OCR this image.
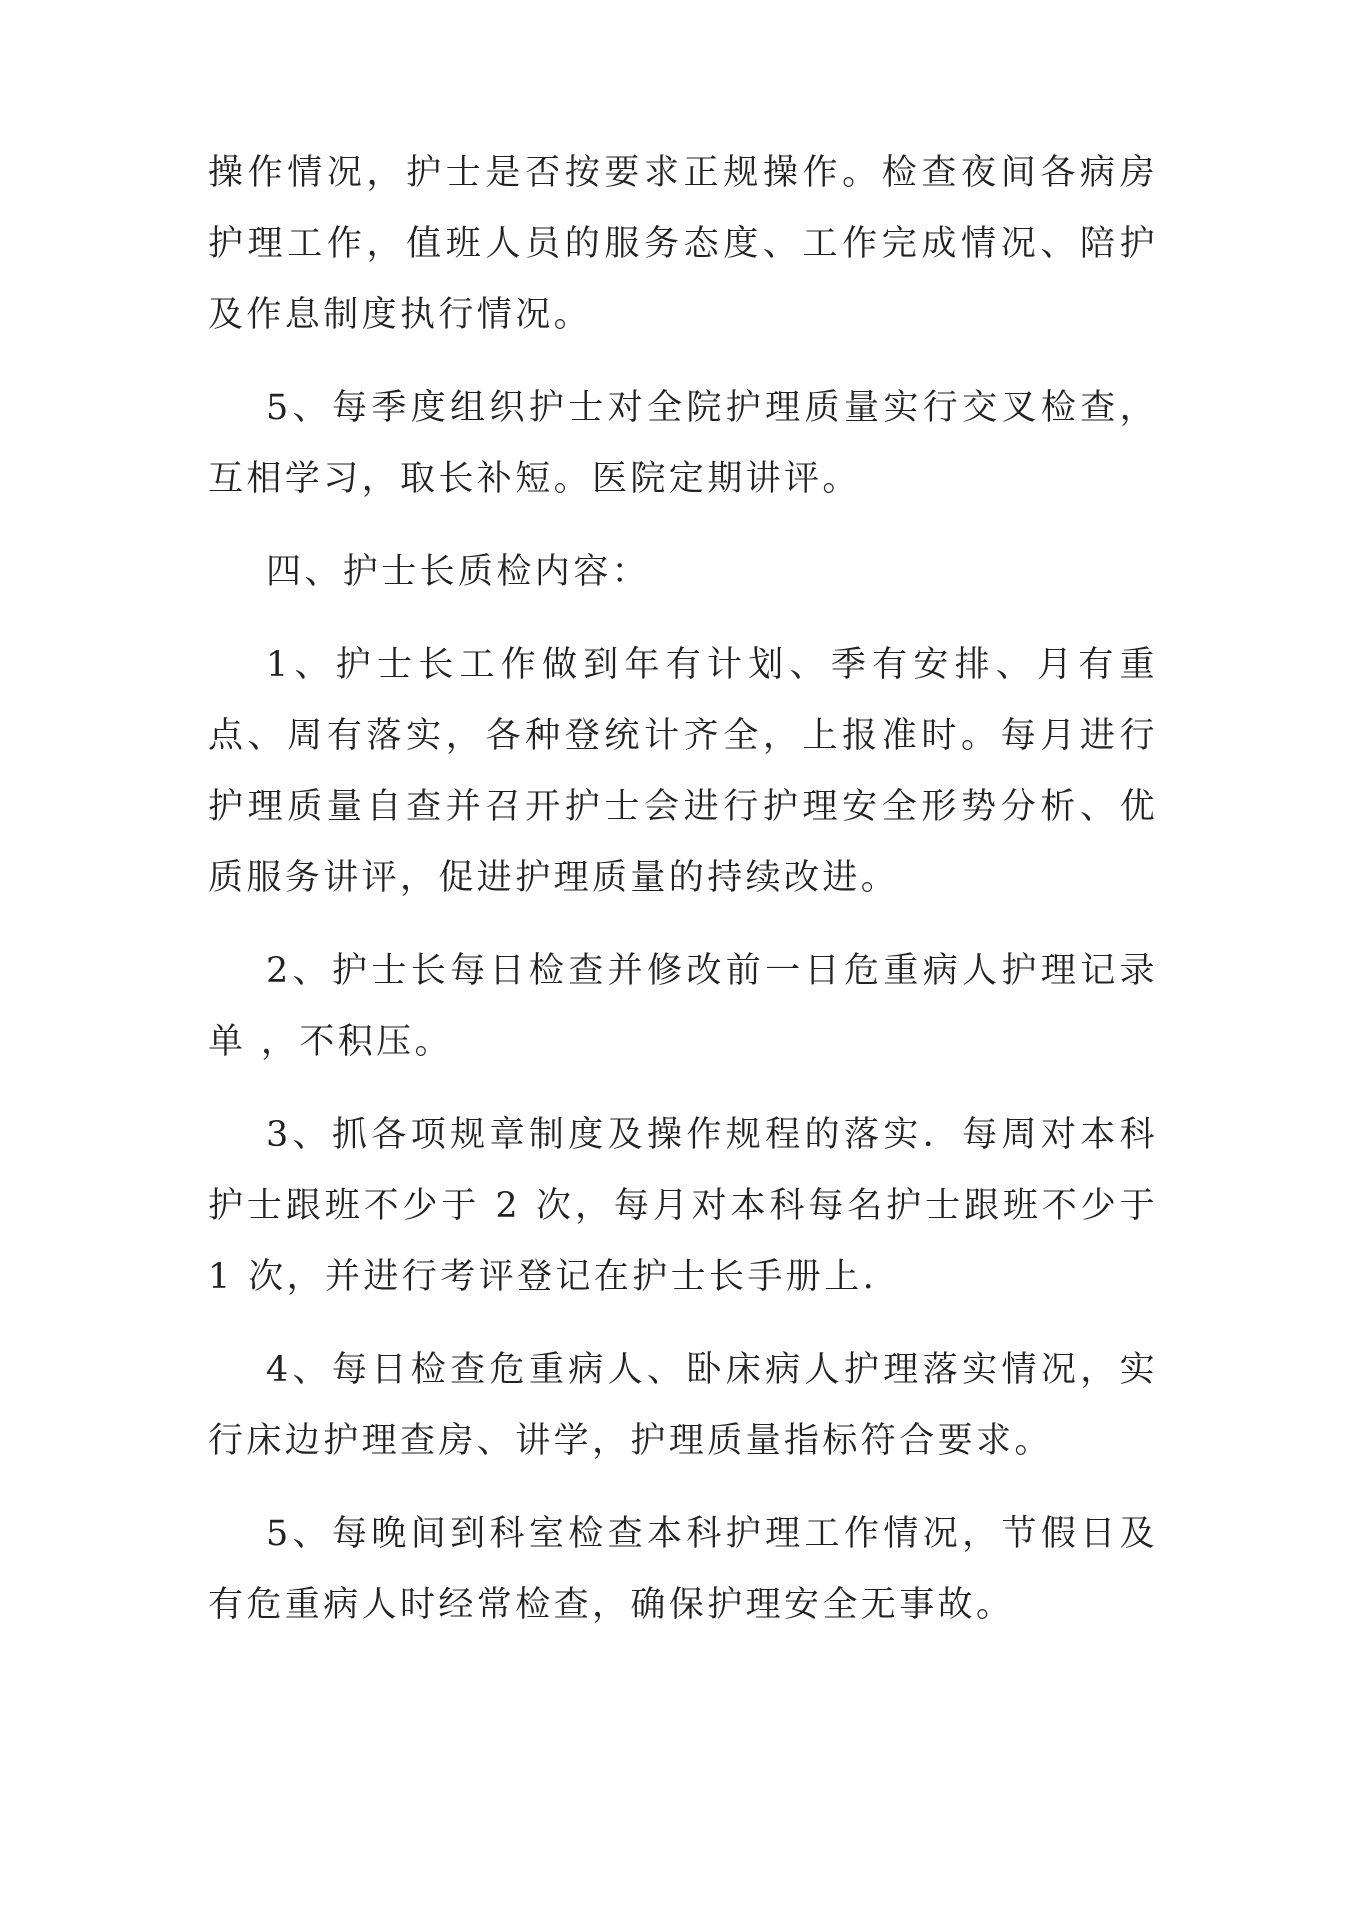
操作情况，护士是否按要求正规操作。检查夜间各病房护理工作，值班人员的服务态度、工作完成情况、陪护及作息制度执行情况。

5、每季度组织护士对全院护理质量实行交叉检查，互相学习，取长补短。医院定期讲评。

四、护士长质检内容：

1、护士长工作做到年有计划、季有安排、月有重点、周有落实，各种登统计齐全，上报准时。每月进行护理质量自查并召开护士会进行护理安全形势分析、优质服务讲评，促进护理质量的持续改进。

2、护士长每日检查并修改前一日危重病人护理记录单 ，不积压。

3、抓各项规章制度及操作规程的落实．每周对本科护士跟班不少于 2 次，每月对本科每名护士跟班不少于 1 次，并进行考评登记在护士长手册上.

4、每日检查危重病人、卧床病人护理落实情况，实行床边护理查房、讲学，护理质量指标符合要求。

5、每晚间到科室检查本科护理工作情况，节假日及有危重病人时经常检查，确保护理安全无事故。
